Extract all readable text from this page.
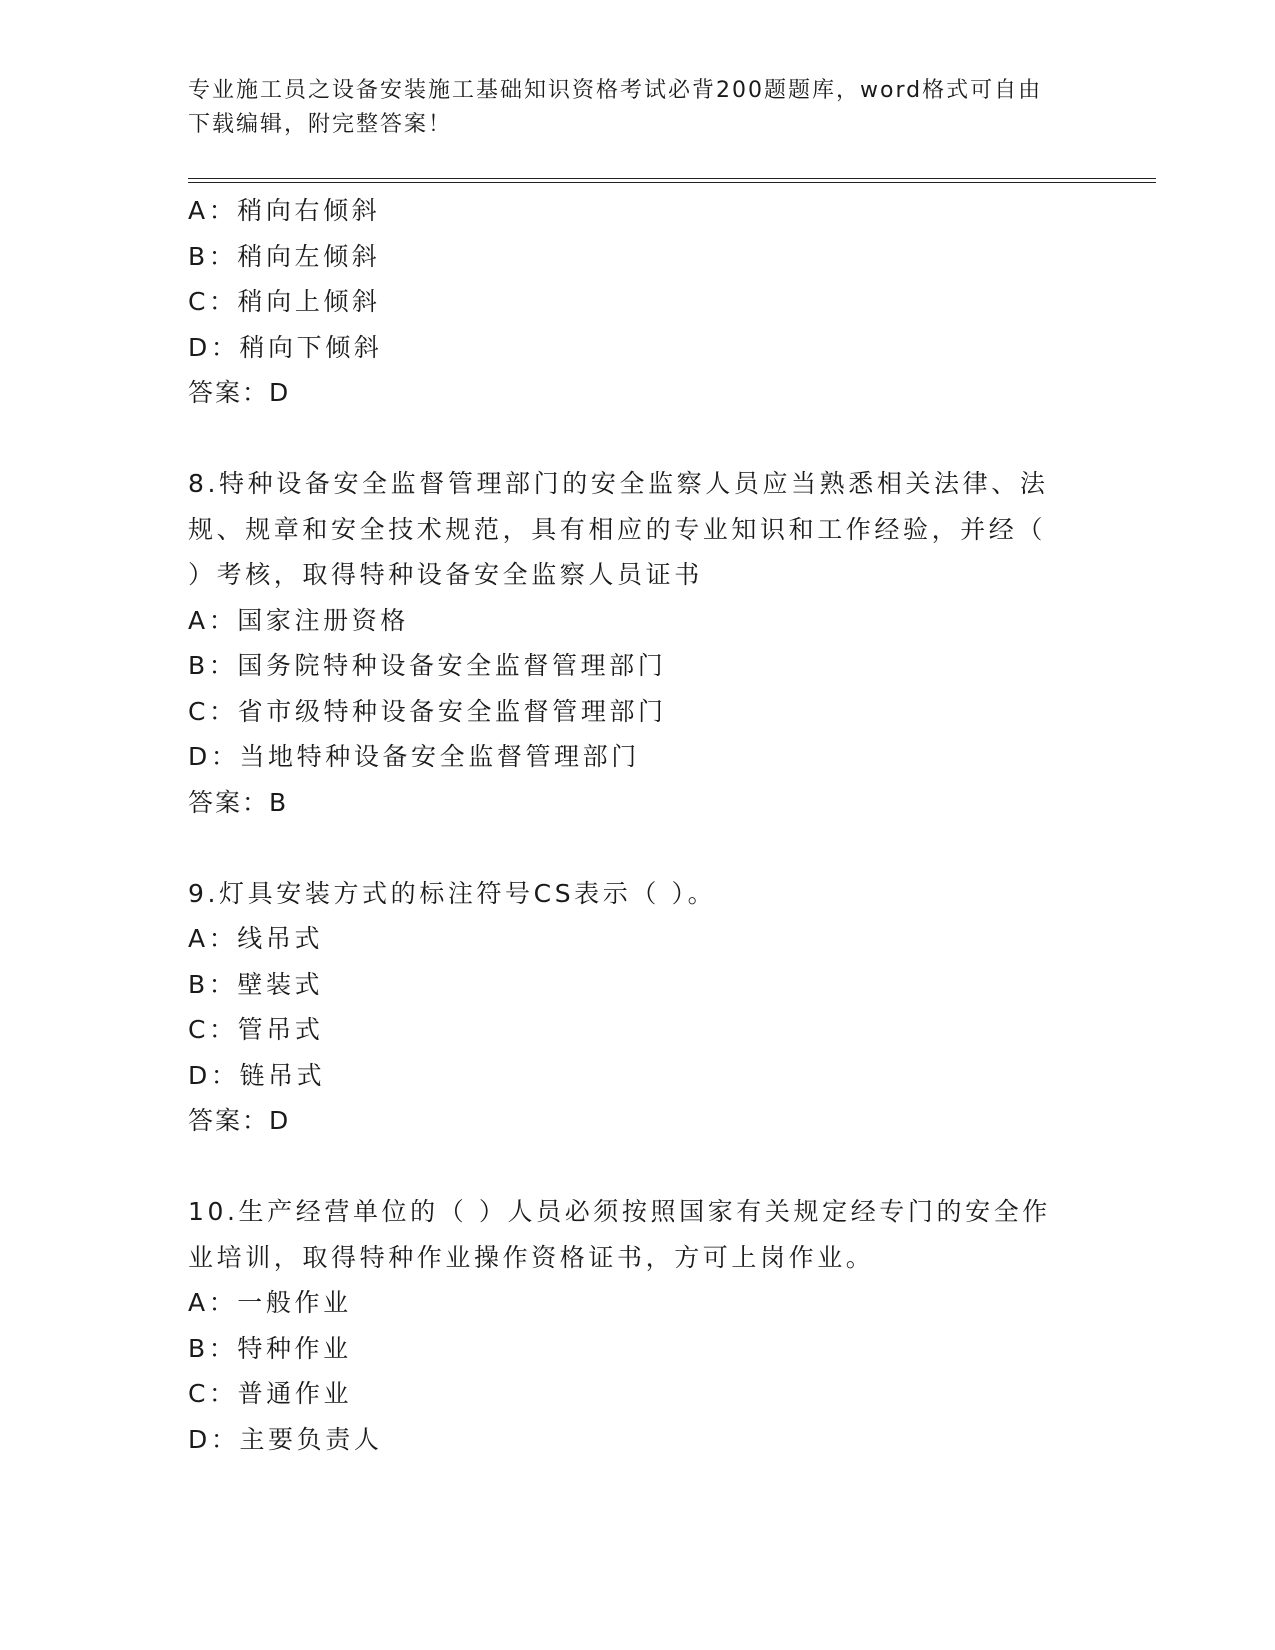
专业施工员之设备安装施工基础知识资格考试必背200题题库，word格式可自由
下载编辑，附完整答案！
A：稍向右倾斜
B：稍向左倾斜
C：稍向上倾斜
D：稍向下倾斜
答案：D
8.特种设备安全监督管理部门的安全监察人员应当熟悉相关法律、法
规、规章和安全技术规范，具有相应的专业知识和工作经验，并经（
）考核，取得特种设备安全监察人员证书
A：国家注册资格
B：国务院特种设备安全监督管理部门
C：省市级特种设备安全监督管理部门
D：当地特种设备安全监督管理部门
答案：B
9.灯具安装方式的标注符号CS表示（ ）。
A：线吊式
B：壁装式
C：管吊式
D：链吊式
答案：D
10.生产经营单位的（ ）人员必须按照国家有关规定经专门的安全作
业培训，取得特种作业操作资格证书，方可上岗作业。
A：一般作业
B：特种作业
C：普通作业
D：主要负责人
